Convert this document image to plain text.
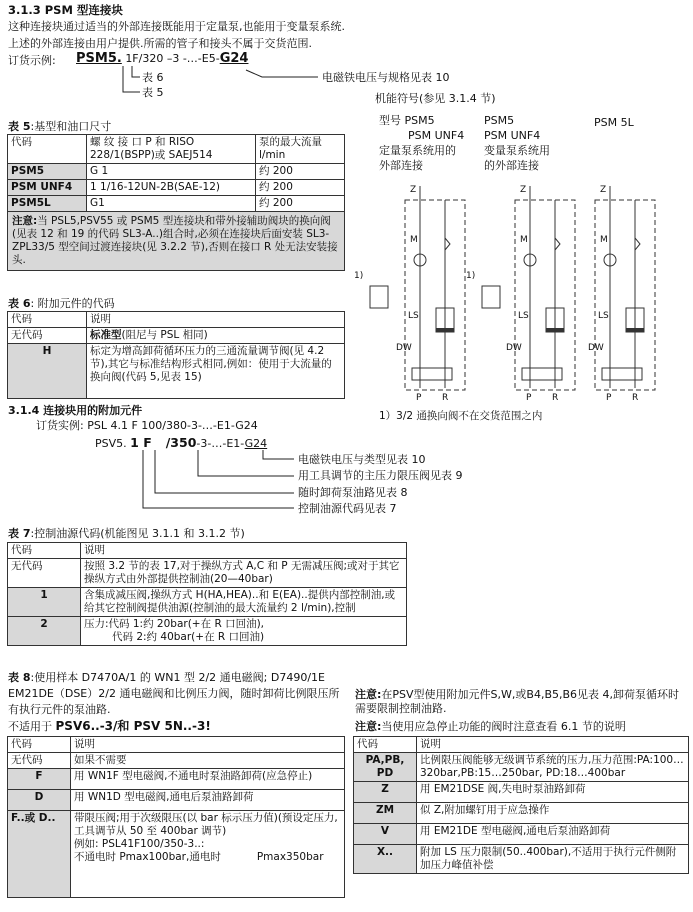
3.1.3 PSM 型连接块
这种连接块通过适当的外部连接既能用于定量泵,也能用于变量泵系统.
上述的外部连接由用户提供.所需的管子和接头不属于交货范围.
订货示例: PSM5. 1F/320 –3 -…-E5-G24
表 6
表 5
电磁铁电压与规格见表 10
机能符号(参见 3.1.4 节)
表 5:基型和油口尺寸
代码	螺 纹 接 口 P 和 RISO 228/1(BSPP)或 SAEJ514	泵的最大流量 l/min
PSM5	G 1	约 200
PSM UNF4	1 1/16-12UN-2B(SAE-12)	约 200
PSM5L	G1	约 200
注意:当 PSL5,PSV55 或 PSM5 型连接块和带外接辅助阀块的换向阀(见表 12 和 19 的代码 SL3-A..)组合时,必须在连接块后面安装 SL3-ZPL33/5 型空间过渡连接块(见 3.2.2 节),否则在接口 R 处无法安装接头.		
表 6: 附加元件的代码
代码	说明
无代码	标准型(阻尼与 PSL 相同)
H	标定为增高卸荷循环压力的三通流量调节阀(见 4.2 节),其它与标准结构形式相同,例如：使用于大流量的换向阀(代码 5,见表 15)
型号 PSM5
PSM UNF4
定量泵系统用的
外部连接
PSM5
PSM UNF4
变量泵系统用
的外部连接
PSM 5L
Z	Z	Z
M	M	M
LS	LS	LS
DW	DW	DW
P R	P R	P R
1)	1)
1）3/2 通换向阀不在交货范围之内
3.1.4 连接块用的附加元件
订货实例: PSL 4.1 F 100/380-3-…-E1-G24
PSV5. 1 F /350-3-…-E1-G24
电磁铁电压与类型见表 10
用工具调节的主压力限压阀见表 9
随时卸荷泵油路见表 8
控制油源代码见表 7
表 7:控制油源代码(机能图见 3.1.1 和 3.1.2 节)
代码	说明
无代码	按照 3.2 节的表 17,对于操纵方式 A,C 和 P 无需减压阀;或对于其它操纵方式由外部提供控制油(20—40bar)
1	含集成减压阀,操纵方式 H(HA,HEA)..和 E(EA)..提供内部控制油,或给其它控制阀提供油源(控制油的最大流量约 2 l/min),控制
2	压力:代码 1:约 20bar(+在 R 口回油),
代码 2:约 40bar(+在 R 口回油)
表 8:使用样本 D7470A/1 的 WN1 型 2/2 通电磁阀; D7490/1E EM21DE（DSE）2/2 通电磁阀和比例压力阀，随时卸荷比例限压所有执行元件的泵油路.
不适用于 PSV6..-3/和 PSV 5N..-3!
注意:在PSV型使用附加元件S,W,或B4,B5,B6见表 4,卸荷泵循环时需要限制控制油路.
注意:当使用应急停止功能的阀时注意查看 6.1 节的说明
代码	说明
无代码	如果不需要
F	用 WN1F 型电磁阀,不通电时泵油路卸荷(应急停止)
D	用 WN1D 型电磁阀,通电后泵油路卸荷
F..或 D..	带限压阀;用于次级限压(以 bar 标示压力值)(预设定压力,工具调节从 50 至 400bar 调节)
例如: PSL41F100/350-3..:
不通电时 Pmax100bar,通电时 Pmax350bar
代码	说明
PA,PB, PD	比例限压阀能够无级调节系统的压力,压力范围:PA:100…320bar,PB:15…250bar, PD:18…400bar
Z	用 EM21DSE 阀,失电时泵油路卸荷
ZM	似 Z,附加螺钉用于应急操作
V	用 EM21DE 型电磁阀,通电后泵油路卸荷
X..	附加 LS 压力限制(50..400bar),不适用于执行元件侧附加压力峰值补偿
